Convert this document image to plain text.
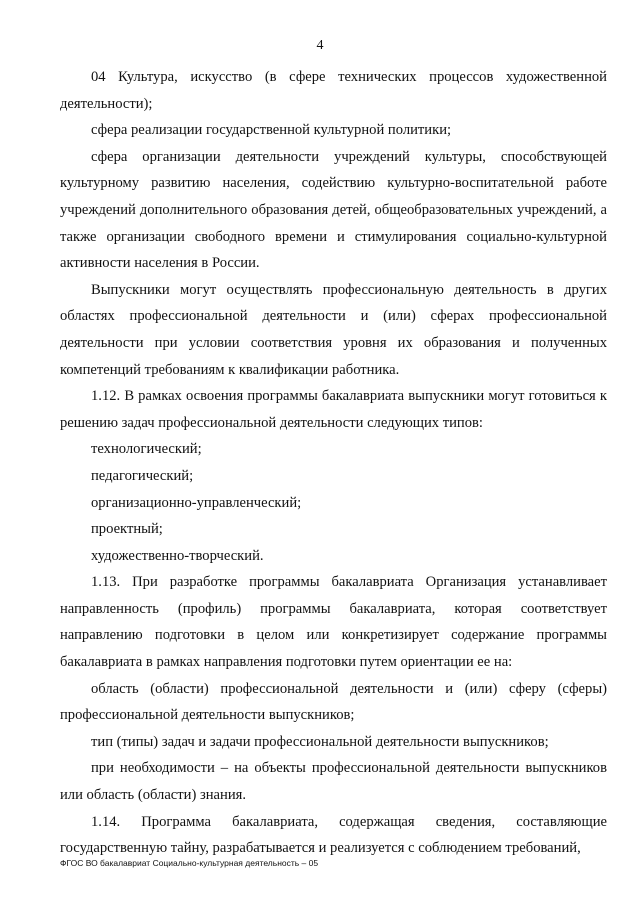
4

04 Культура, искусство (в сфере технических процессов художественной деятельности);

сфера реализации государственной культурной политики;

сфера организации деятельности учреждений культуры, способствующей культурному развитию населения, содействию культурно-воспитательной работе учреждений дополнительного образования детей, общеобразовательных учреждений, а также организации свободного времени и стимулирования социально-культурной активности населения в России.

Выпускники могут осуществлять профессиональную деятельность в других областях профессиональной деятельности и (или) сферах профессиональной деятельности при условии соответствия уровня их образования и полученных компетенций требованиям к квалификации работника.

1.12. В рамках освоения программы бакалавриата выпускники могут готовиться к решению задач профессиональной деятельности следующих типов:

технологический;

педагогический;

организационно-управленческий;

проектный;

художественно-творческий.

1.13. При разработке программы бакалавриата Организация устанавливает направленность (профиль) программы бакалавриата, которая соответствует направлению подготовки в целом или конкретизирует содержание программы бакалавриата в рамках направления подготовки путем ориентации ее на:

область (области) профессиональной деятельности и (или) сферу (сферы) профессиональной деятельности выпускников;

тип (типы) задач и задачи профессиональной деятельности выпускников;

при необходимости – на объекты профессиональной деятельности выпускников или область (области) знания.

1.14. Программа бакалавриата, содержащая сведения, составляющие государственную тайну, разрабатывается и реализуется с соблюдением требований,

ФГОС ВО бакалавриат Социально-культурная деятельность – 05
